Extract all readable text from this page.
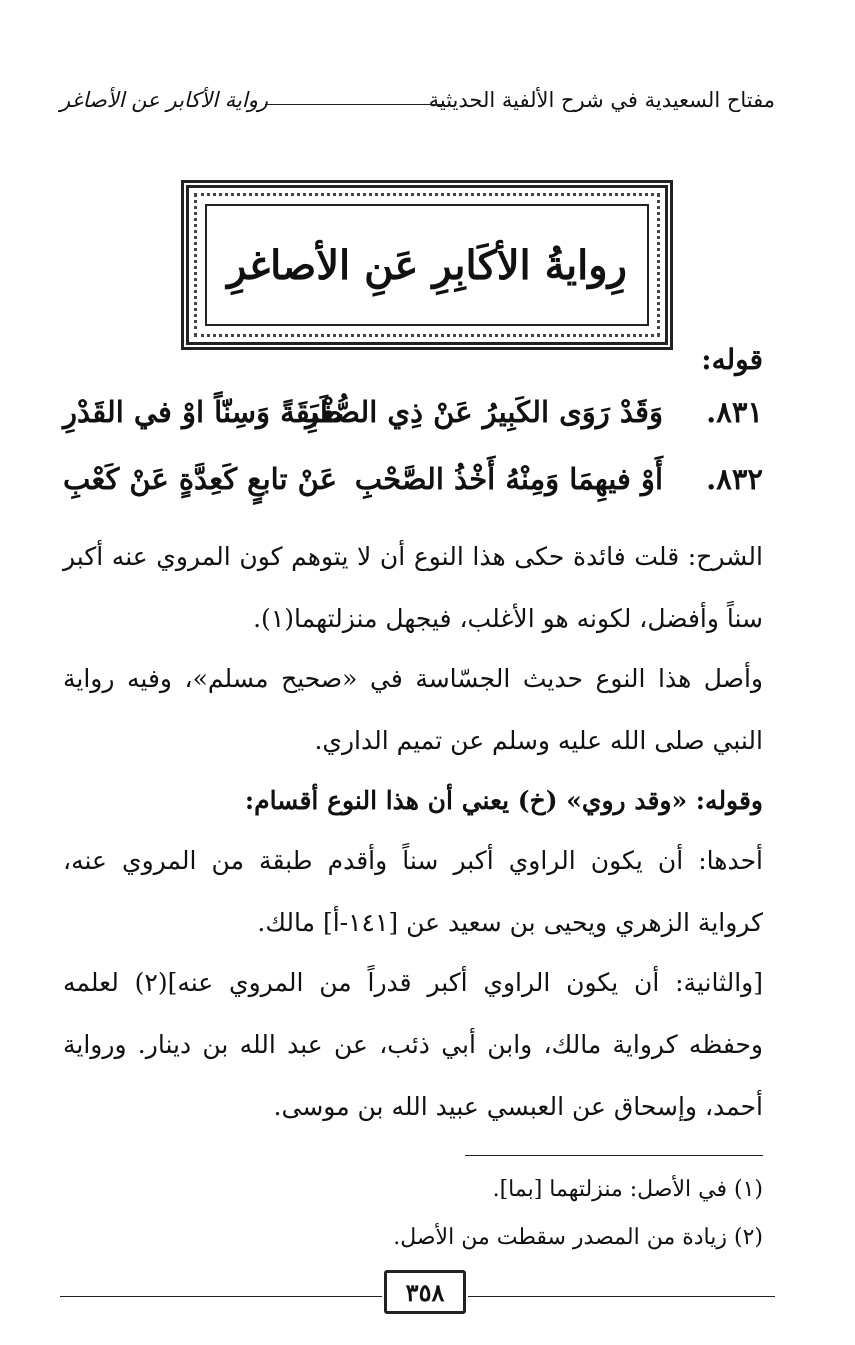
مفتاح السعيدية في شرح الألفية الحديثية
رواية الأكابر عن الأصاغر
رِوايةُ الأكَابِرِ عَنِ الأصاغرِ
قوله:
٨٣١.
وَقَدْ رَوَى الكَبِيرُ عَنْ ذِي الصُّغْرِ
طَبَقَةً وَسِنّاً اوْ في القَدْرِ
٨٣٢.
أَوْ فيهِمَا وَمِنْهُ أَخْذُ الصَّحْبِ
عَنْ تابعٍ كَعِدَّةٍ عَنْ كَعْبِ

الشرح: قلت فائدة حكى هذا النوع أن لا يتوهم كون المروي عنه أكبر سناً وأفضل، لكونه هو الأغلب، فيجهل منزلتهما(١).

وأصل هذا النوع حديث الجسّاسة في «صحيح مسلم»، وفيه رواية النبي صلى الله عليه وسلم عن تميم الداري.

وقوله: «وقد روي» (خ) يعني أن هذا النوع أقسام:

أحدها: أن يكون الراوي أكبر سناً وأقدم طبقة من المروي عنه، كرواية الزهري ويحيى بن سعيد عن [١٤١-أ] مالك.

[والثانية: أن يكون الراوي أكبر قدراً من المروي عنه](٢) لعلمه وحفظه كرواية مالك، وابن أبي ذئب، عن عبد الله بن دينار. ورواية أحمد، وإسحاق عن العبسي عبيد الله بن موسى.

(١) في الأصل: منزلتهما [بما].
(٢) زيادة من المصدر سقطت من الأصل.
٣٥٨
